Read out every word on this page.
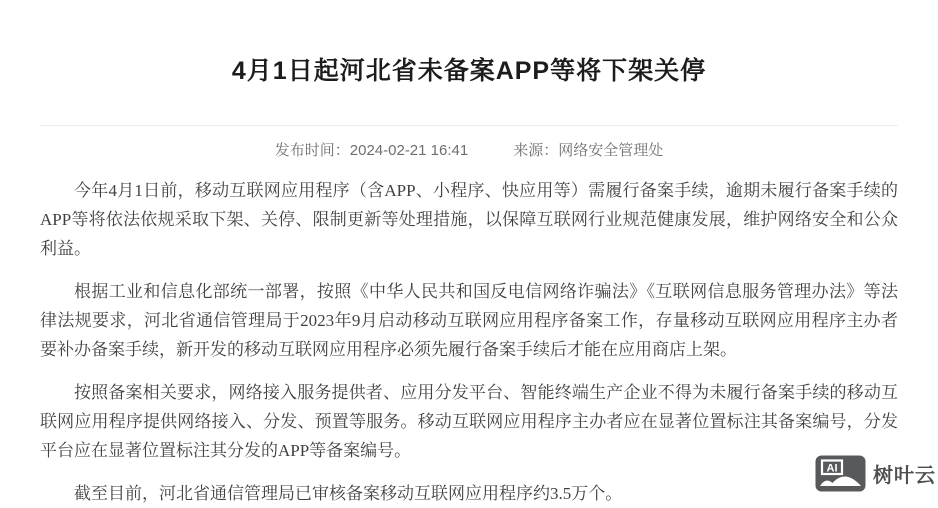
4月1日起河北省未备案APP等将下架关停
发布时间：2024-02-21 16:41	来源：网络安全管理处

今年4月1日前，移动互联网应用程序（含APP、小程序、快应用等）需履行备案手续，逾期未履行备案手续的APP等将依法依规采取下架、关停、限制更新等处理措施，以保障互联网行业规范健康发展，维护网络安全和公众利益。

根据工业和信息化部统一部署，按照《中华人民共和国反电信网络诈骗法》《互联网信息服务管理办法》等法律法规要求，河北省通信管理局于2023年9月启动移动互联网应用程序备案工作，存量移动互联网应用程序主办者要补办备案手续，新开发的移动互联网应用程序必须先履行备案手续后才能在应用商店上架。

按照备案相关要求，网络接入服务提供者、应用分发平台、智能终端生产企业不得为未履行备案手续的移动互联网应用程序提供网络接入、分发、预置等服务。移动互联网应用程序主办者应在显著位置标注其备案编号，分发平台应在显著位置标注其分发的APP等备案编号。

截至目前，河北省通信管理局已审核备案移动互联网应用程序约3.5万个。

AI 树叶云
